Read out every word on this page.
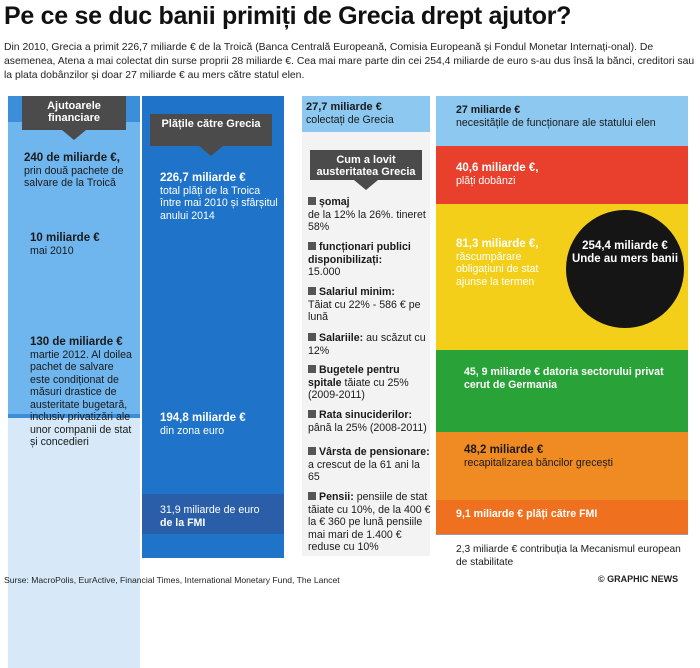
Pe ce se duc banii primiți de Grecia drept ajutor?
Din 2010, Grecia a primit 226,7 miliarde € de la Troică (Banca Centrală Europeană, Comisia Europeană și Fondul Monetar Internați-onal). De asemenea, Atena a mai colectat din surse proprii 28 miliarde €. Cea mai mare parte din cei 254,4 miliarde de euro s-au dus însă la bănci, creditori sau la plata dobânzilor și doar 27 miliarde € au mers către statul elen.
Ajutoarele financiare
240 de miliarde €,
prin două pachete de salvare de la Troică
10 miliarde €
mai 2010
130 de miliarde €
martie 2012. Al doilea pachet de salvare este condiționat de măsuri drastice de austeritate bugetară, inclusiv privatizări ale unor companii de stat și concedieri
Plățile către Grecia
226,7 miliarde €
total plăți de la Troica între mai 2010 și sfârșitul anului 2014
194,8 miliarde €
din zona euro
31,9 miliarde de euro
de la FMI
27,7 miliarde €
colectați de Grecia
Cum a lovit austeritatea Grecia
șomaj
de la 12% la 26%. tineret 58%
funcționari publici disponibilizați:
15.000
Salariul minim:
Tăiat cu 22% - 586 € pe lună
Salariile: au scăzut cu 12%
Bugetele pentru spitale tăiate cu 25% (2009-2011)
Rata sinuciderilor: până la 25% (2008-2011)
Vârsta de pensionare: a crescut de la 61 ani la 65
Pensii: pensiile de stat tăiate cu 10%, de la 400 € la € 360 pe lună pensiile mai mari de 1.400 € reduse cu 10%
27 miliarde €
necesitățile de funcționare ale statului elen
40,6 miliarde €,
plăți dobânzi
81,3 miliarde €,
răscumpărare obligațiuni de stat ajunse la termen
45, 9 miliarde € datoria sectorului privat cerut de Germania
48,2 miliarde €
recapitalizarea băncilor grecești
9,1 miliarde € plăți către FMI
2,3 miliarde € contribuția la Mecanismul european de stabilitate
254,4 miliarde €
Unde au mers banii
Surse: MacroPolis, EurActive, Financial Times, International Monetary Fund, The Lancet	© GRAPHIC NEWS
